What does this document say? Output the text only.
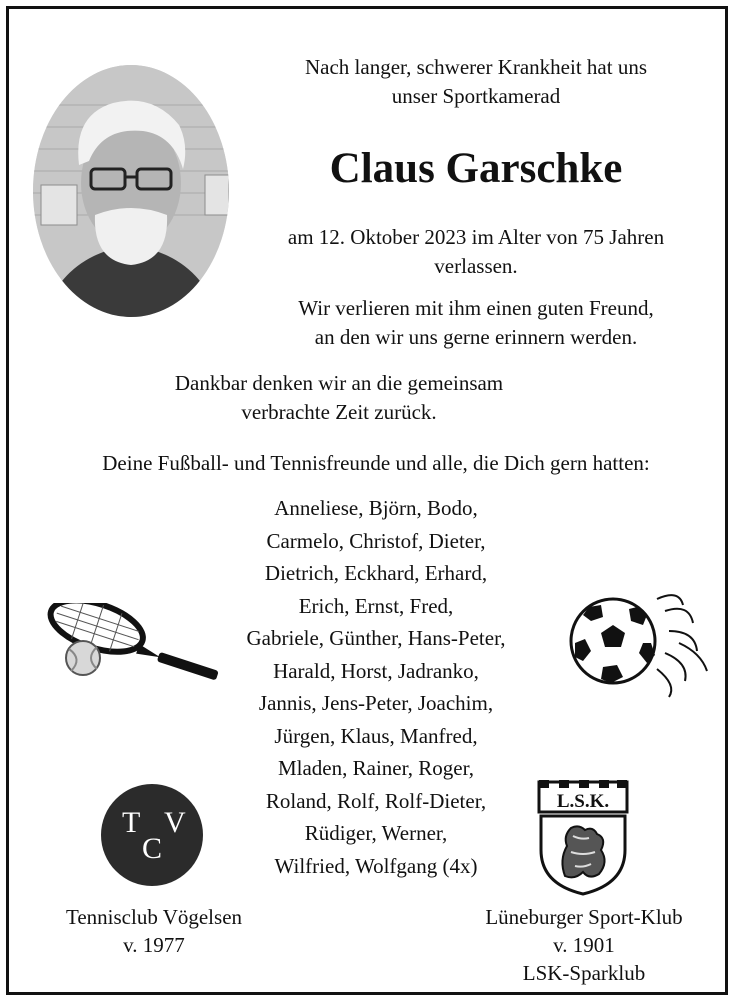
Nach langer, schwerer Krankheit hat uns
unser Sportkamerad
Claus Garschke
am 12. Oktober 2023 im Alter von 75 Jahren
verlassen.
Wir verlieren mit ihm einen guten Freund,
an den wir uns gerne erinnern werden.
Dankbar denken wir an die gemeinsam
verbrachte Zeit zurück.
Deine Fußball- und Tennisfreunde und alle, die Dich gern hatten:
Anneliese, Björn, Bodo,
Carmelo, Christof, Dieter,
Dietrich, Eckhard, Erhard,
Erich, Ernst, Fred,
Gabriele, Günther, Hans-Peter,
Harald, Horst, Jadranko,
Jannis, Jens-Peter, Joachim,
Jürgen, Klaus, Manfred,
Mladen, Rainer, Roger,
Roland, Rolf, Rolf-Dieter,
Rüdiger, Werner,
Wilfried, Wolfgang (4x)
T V
C
L.S.K.
Tennisclub Vögelsen
v. 1977
Lüneburger Sport-Klub
v. 1901
LSK-Sparklub
